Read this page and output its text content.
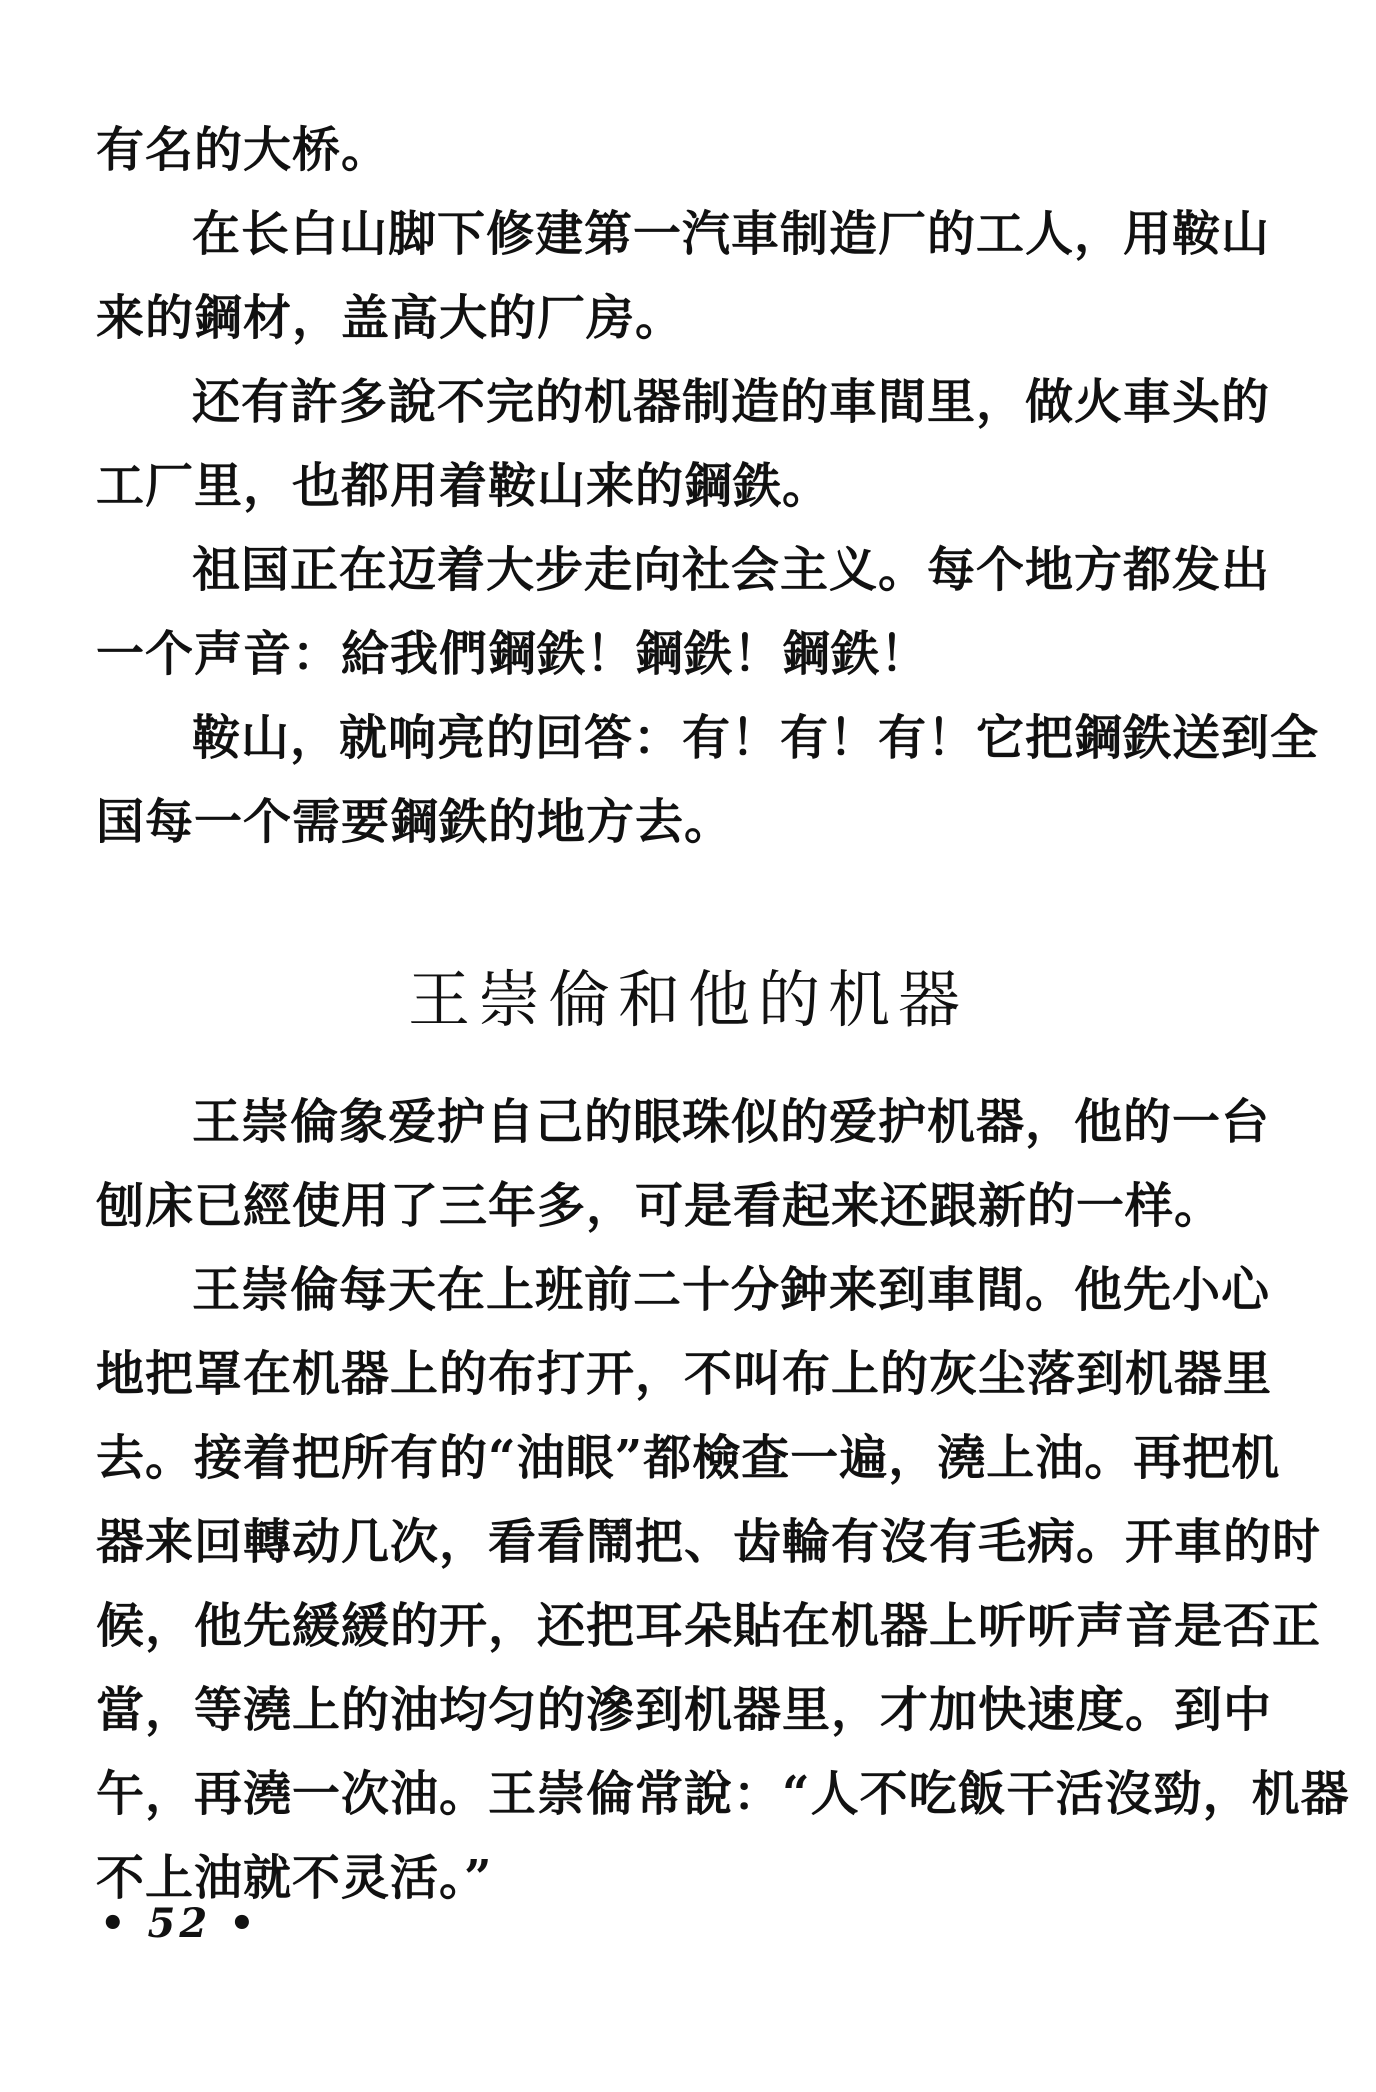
有名的大桥。
在长白山脚下修建第一汽車制造厂的工人，用鞍山
来的鋼材，盖高大的厂房。
还有許多說不完的机器制造的車間里，做火車头的
工厂里，也都用着鞍山来的鋼鉄。
祖国正在迈着大步走向社会主义。每个地方都发出
一个声音：給我們鋼鉄！鋼鉄！鋼鉄！
鞍山，就响亮的回答：有！有！有！它把鋼鉄送到全
国每一个需要鋼鉄的地方去。
王崇倫和他的机器
王崇倫象爱护自己的眼珠似的爱护机器，他的一台
刨床已經使用了三年多，可是看起来还跟新的一样。
王崇倫每天在上班前二十分鈡来到車間。他先小心
地把罩在机器上的布打开，不叫布上的灰尘落到机器里
去。接着把所有的“油眼”都檢查一遍，澆上油。再把机
器来回轉动几次，看看鬧把、齿輪有沒有毛病。开車的时
候，他先緩緩的开，还把耳朵貼在机器上听听声音是否正
當，等澆上的油均匀的滲到机器里，才加快速度。到中
午，再澆一次油。王崇倫常說：“人不吃飯干活沒勁，机器
不上油就不灵活。”
• 52 •
